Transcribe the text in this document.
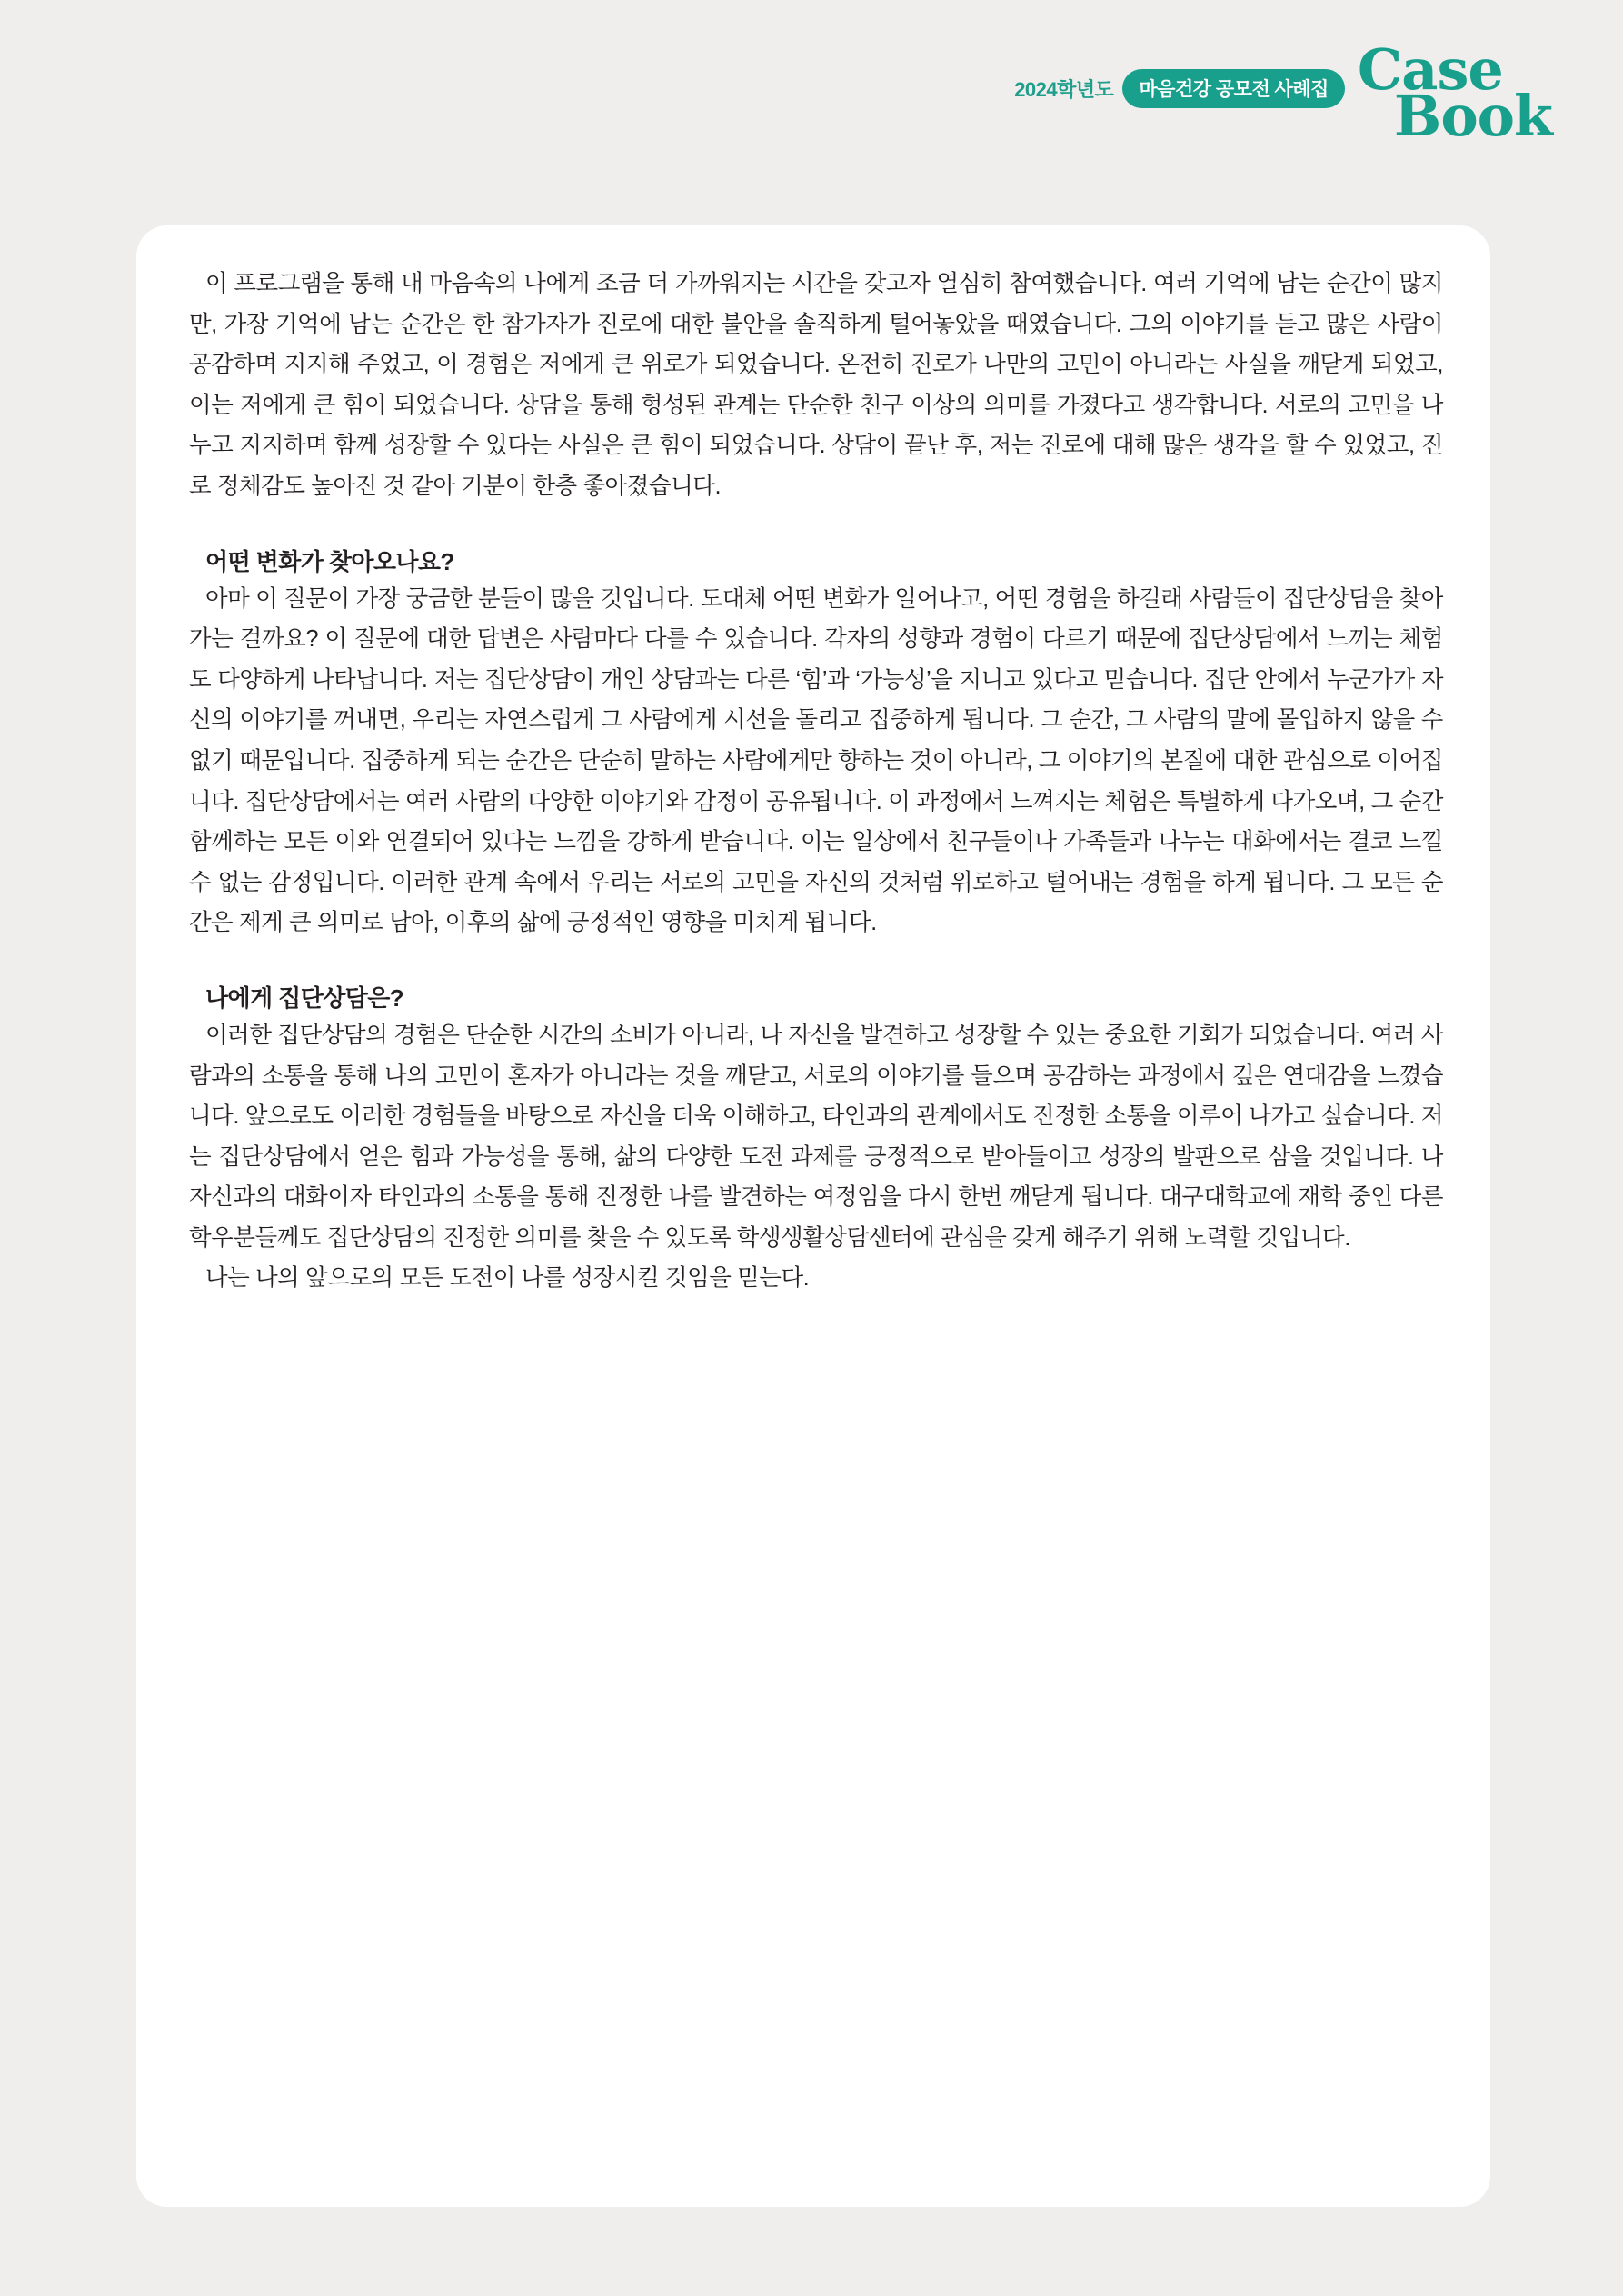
2024학년도	마음건강 공모전 사례집 Case
Book

이 프로그램을 통해 내 마음속의 나에게 조금 더 가까워지는 시간을 갖고자 열심히 참여했습니다. 여러 기억에 남는 순간이 많지만, 가장 기억에 남는 순간은 한 참가자가 진로에 대한 불안을 솔직하게 털어놓았을 때였습니다. 그의 이야기를 듣고 많은 사람이 공감하며 지지해 주었고, 이 경험은 저에게 큰 위로가 되었습니다. 온전히 진로가 나만의 고민이 아니라는 사실을 깨닫게 되었고, 이는 저에게 큰 힘이 되었습니다. 상담을 통해 형성된 관계는 단순한 친구 이상의 의미를 가졌다고 생각합니다. 서로의 고민을 나누고 지지하며 함께 성장할 수 있다는 사실은 큰 힘이 되었습니다. 상담이 끝난 후, 저는 진로에 대해 많은 생각을 할 수 있었고, 진로 정체감도 높아진 것 같아 기분이 한층 좋아졌습니다.

어떤 변화가 찾아오나요?

아마 이 질문이 가장 궁금한 분들이 많을 것입니다. 도대체 어떤 변화가 일어나고, 어떤 경험을 하길래 사람들이 집단상담을 찾아가는 걸까요? 이 질문에 대한 답변은 사람마다 다를 수 있습니다. 각자의 성향과 경험이 다르기 때문에 집단상담에서 느끼는 체험도 다양하게 나타납니다. 저는 집단상담이 개인 상담과는 다른 ‘힘’과 ‘가능성’을 지니고 있다고 믿습니다. 집단 안에서 누군가가 자신의 이야기를 꺼내면, 우리는 자연스럽게 그 사람에게 시선을 돌리고 집중하게 됩니다. 그 순간, 그 사람의 말에 몰입하지 않을 수 없기 때문입니다. 집중하게 되는 순간은 단순히 말하는 사람에게만 향하는 것이 아니라, 그 이야기의 본질에 대한 관심으로 이어집니다. 집단상담에서는 여러 사람의 다양한 이야기와 감정이 공유됩니다. 이 과정에서 느껴지는 체험은 특별하게 다가오며, 그 순간 함께하는 모든 이와 연결되어 있다는 느낌을 강하게 받습니다. 이는 일상에서 친구들이나 가족들과 나누는 대화에서는 결코 느낄 수 없는 감정입니다. 이러한 관계 속에서 우리는 서로의 고민을 자신의 것처럼 위로하고 털어내는 경험을 하게 됩니다. 그 모든 순간은 제게 큰 의미로 남아, 이후의 삶에 긍정적인 영향을 미치게 됩니다.

나에게 집단상담은?

이러한 집단상담의 경험은 단순한 시간의 소비가 아니라, 나 자신을 발견하고 성장할 수 있는 중요한 기회가 되었습니다. 여러 사람과의 소통을 통해 나의 고민이 혼자가 아니라는 것을 깨닫고, 서로의 이야기를 들으며 공감하는 과정에서 깊은 연대감을 느꼈습니다. 앞으로도 이러한 경험들을 바탕으로 자신을 더욱 이해하고, 타인과의 관계에서도 진정한 소통을 이루어 나가고 싶습니다. 저는 집단상담에서 얻은 힘과 가능성을 통해, 삶의 다양한 도전 과제를 긍정적으로 받아들이고 성장의 발판으로 삼을 것입니다. 나 자신과의 대화이자 타인과의 소통을 통해 진정한 나를 발견하는 여정임을 다시 한번 깨닫게 됩니다. 대구대학교에 재학 중인 다른 학우분들께도 집단상담의 진정한 의미를 찾을 수 있도록 학생생활상담센터에 관심을 갖게 해주기 위해 노력할 것입니다.

나는 나의 앞으로의 모든 도전이 나를 성장시킬 것임을 믿는다.
